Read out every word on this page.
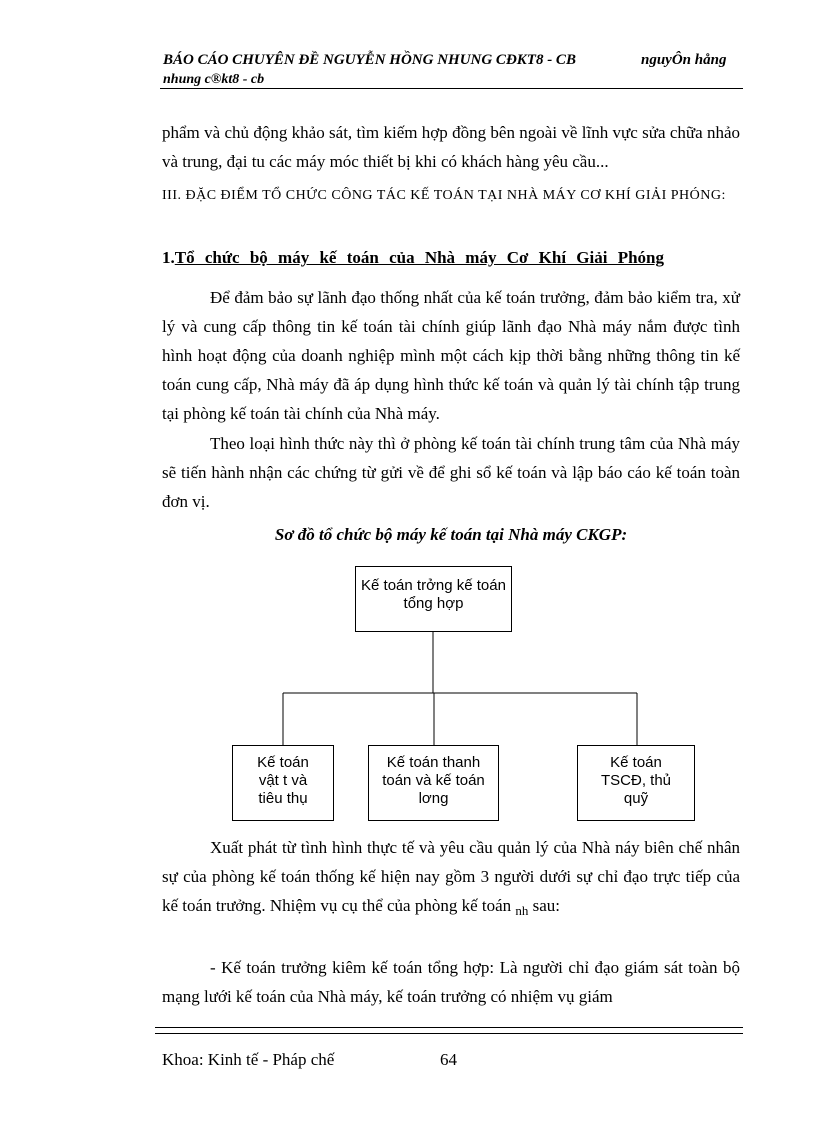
BÁO CÁO CHUYÊN ĐỀ NGUYỄN HỒNG NHUNG CĐKT8 - CB	nguyÔn hång
nhung c®kt8 - cb
phẩm và chủ động khảo sát, tìm kiếm hợp đồng bên ngoài về lĩnh vực sửa chữa nhảo và trung, đại tu các máy móc thiết bị khi có khách hàng yêu cầu...
III. ĐẶC ĐIỂM TỔ CHỨC CÔNG TÁC KẾ TOÁN TẠI NHÀ MÁY CƠ KHÍ GIẢI PHÓNG:
1.Tổ chức bộ máy kế toán của Nhà máy Cơ Khí Giải Phóng
Để đảm bảo sự lãnh đạo thống nhất của kế toán trưởng, đảm bảo kiểm tra, xử lý và cung cấp thông tin kế toán tài chính giúp lãnh đạo Nhà máy nắm được tình hình hoạt động của doanh nghiệp mình một cách kịp thời bằng những thông tin kế toán cung cấp, Nhà máy đã áp dụng hình thức kế toán và quản lý tài chính tập trung tại phòng kế toán tài chính của Nhà máy.
Theo loại hình thức này thì ở phòng kế toán tài chính trung tâm của Nhà máy sẽ tiến hành nhận các chứng từ gửi về để ghi sổ kế toán và lập báo cáo kế toán toàn đơn vị.
Sơ đồ tổ chức bộ máy kế toán tại Nhà máy CKGP:
Kế toán trởng kế toán tổng hợp
Kế toán vật t và tiêu thụ
Kế toán thanh toán và kế toán lơng
Kế toán TSCĐ, thủ quỹ
Xuất phát từ tình hình thực tế và yêu cầu quản lý của Nhà náy biên chế nhân sự của phòng kế toán thống kế hiện nay gồm 3 người dưới sự chỉ đạo trực tiếp của kế toán trưởng. Nhiệm vụ cụ thể của phòng kế toán $_{nh}$ sau:
- Kế toán trưởng kiêm kế toán tổng hợp: Là người chỉ đạo giám sát toàn bộ mạng lưới kế toán của Nhà máy, kế toán trưởng có nhiệm vụ giám
Khoa: Kinh tế - Pháp chế	64
